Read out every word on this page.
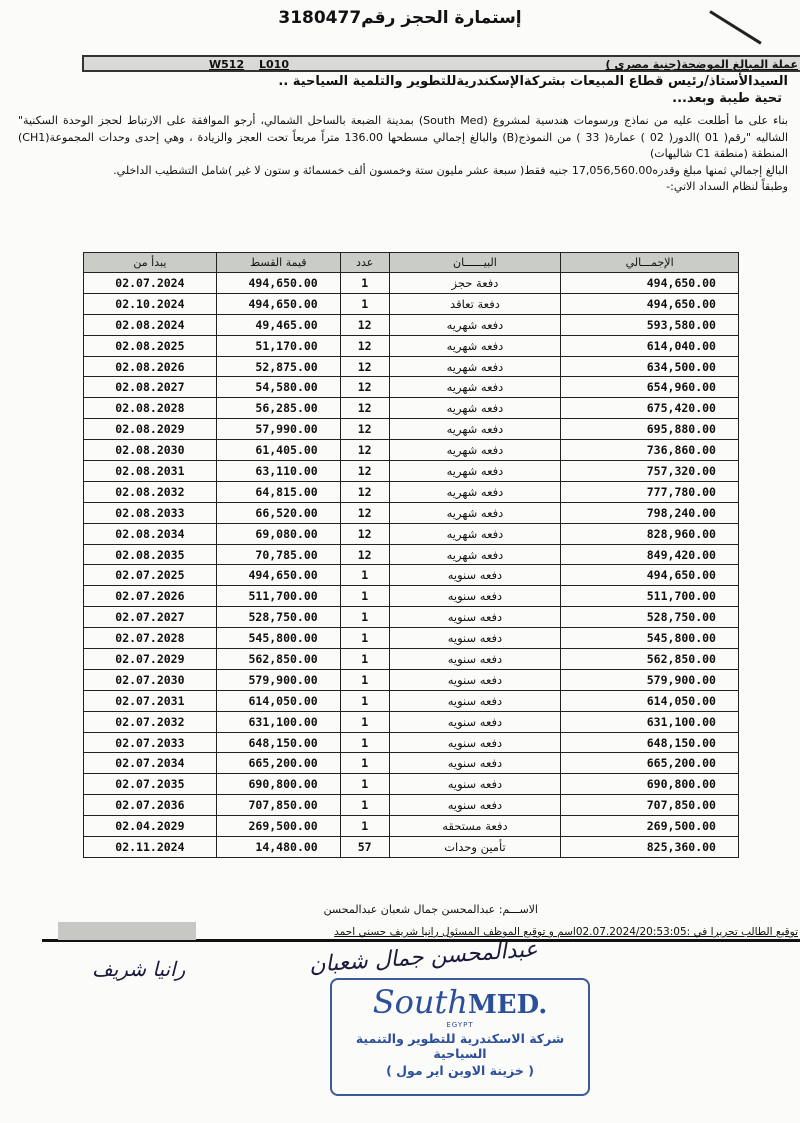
إستمارة الحجز رقم3180477
عملة المبالغ الموضحة(جنية مصرى )
W512 L010
السيدالأستاذ/رئيس قطاع المبيعات بشركةالإسكندريةللتطوير والتلمية السياحية ..
تحية طيبة وبعد...

بناء على ما أطلعت عليه من نماذج ورسومات هندسية لمشروع (South Med) بمدينة الضبعة بالساحل الشمالي، أرجو الموافقة على الارتباط لحجز الوحدة السكنية" الشاليه "رقم( 01 )الدور( 02 ) عمارة( 33 ) من النموذج(B) والبالغ إجمالي مسطحها 136.00 متراً مربعاً تحت العجز والزيادة ، وهي إحدى وحدات المجموعة(CH1) المنطقة (منطقة C1 شاليهات)

البالغ إجمالي ثمنها مبلغ وقدره17,056,560.00 جنيه فقط( سبعة عشر مليون ستة وخمسون ألف خمسمائة و ستون لا غير )شامل التشطيب الداخلي.

وطبقاً لنظام السداد الاتي:-

يبدأ من	قيمة القسط	عدد	البيــــــان	الإجمـــالي
02.07.2024	494,650.00	1	دفعة حجز	494,650.00
02.10.2024	494,650.00	1	دفعة تعاقد	494,650.00
02.08.2024	49,465.00	12	دفعه شهريه	593,580.00
02.08.2025	51,170.00	12	دفعه شهريه	614,040.00
02.08.2026	52,875.00	12	دفعه شهريه	634,500.00
02.08.2027	54,580.00	12	دفعه شهريه	654,960.00
02.08.2028	56,285.00	12	دفعه شهريه	675,420.00
02.08.2029	57,990.00	12	دفعه شهريه	695,880.00
02.08.2030	61,405.00	12	دفعه شهريه	736,860.00
02.08.2031	63,110.00	12	دفعه شهريه	757,320.00
02.08.2032	64,815.00	12	دفعه شهريه	777,780.00
02.08.2033	66,520.00	12	دفعه شهريه	798,240.00
02.08.2034	69,080.00	12	دفعه شهريه	828,960.00
02.08.2035	70,785.00	12	دفعه شهريه	849,420.00
02.07.2025	494,650.00	1	دفعه سنويه	494,650.00
02.07.2026	511,700.00	1	دفعه سنويه	511,700.00
02.07.2027	528,750.00	1	دفعه سنويه	528,750.00
02.07.2028	545,800.00	1	دفعه سنويه	545,800.00
02.07.2029	562,850.00	1	دفعه سنويه	562,850.00
02.07.2030	579,900.00	1	دفعه سنويه	579,900.00
02.07.2031	614,050.00	1	دفعه سنويه	614,050.00
02.07.2032	631,100.00	1	دفعه سنويه	631,100.00
02.07.2033	648,150.00	1	دفعه سنويه	648,150.00
02.07.2034	665,200.00	1	دفعه سنويه	665,200.00
02.07.2035	690,800.00	1	دفعه سنويه	690,800.00
02.07.2036	707,850.00	1	دفعه سنويه	707,850.00
02.04.2029	269,500.00	1	دفعة مستحقه	269,500.00
02.11.2024	14,480.00	57	تأمين وحدات	825,360.00
الاســـم: عبدالمحسن جمال شعبان عبدالمحسن
توقيع الطالب تحريرا في :02.07.2024/20:53:05اسم و توقيع الموظف المسئول رانيا شريف حسني احمد
عبدالمحسن جمال شعبان
رانيا شريف
SouthMED.
EGYPT
شركة الاسكندرية للتطوير والتنمية السياحية
( خزينة الاوبن اير مول )
